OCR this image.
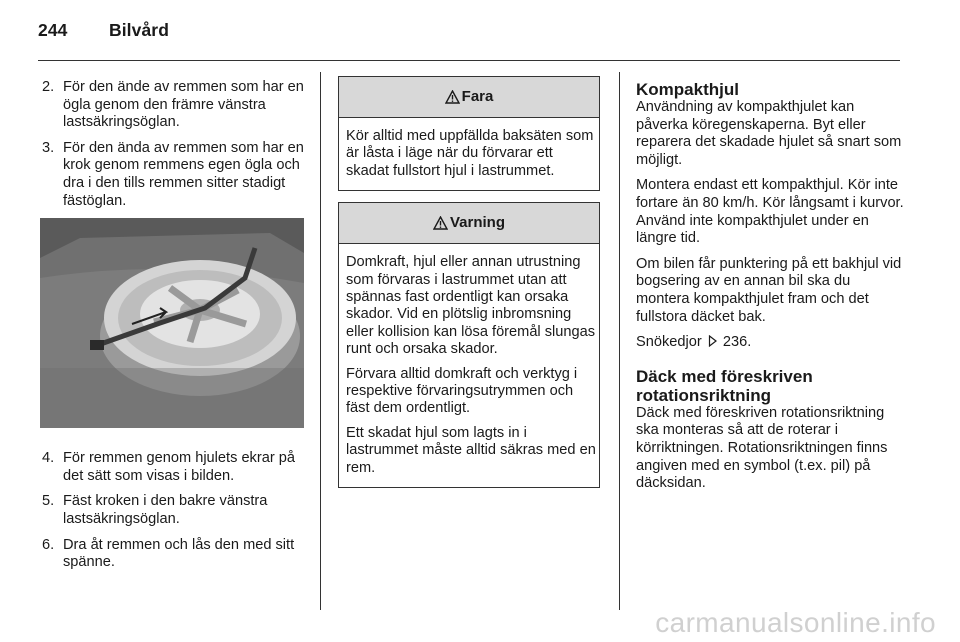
244 Bilvård
2. För den ände av remmen som har en ögla genom den främre vänstra lastsäkringsöglan.
3. För den ända av remmen som har en krok genom remmens egen ögla och dra i den tills remmen sitter stadigt fästöglan.
4. För remmen genom hjulets ekrar på det sätt som visas i bilden.
5. Fäst kroken i den bakre vänstra lastsäkringsöglan.
6. Dra åt remmen och lås den med sitt spänne.
Fara

Kör alltid med uppfällda baksäten som är låsta i läge när du förvarar ett skadat fullstort hjul i lastrummet.

Varning

Domkraft, hjul eller annan utrustning som förvaras i lastrummet utan att spännas fast ordentligt kan orsaka skador. Vid en plötslig inbromsning eller kollision kan lösa föremål slungas runt och orsaka skador.

Förvara alltid domkraft och verktyg i respektive förvaringsutrymmen och fäst dem ordentligt.

Ett skadat hjul som lagts in i lastrummet måste alltid säkras med en rem.

Kompakthjul

Användning av kompakthjulet kan påverka köregenskaperna. Byt eller reparera det skadade hjulet så snart som möjligt.

Montera endast ett kompakthjul. Kör inte fortare än 80 km/h. Kör långsamt i kurvor. Använd inte kompakthjulet under en längre tid.

Om bilen får punktering på ett bakhjul vid bogsering av en annan bil ska du montera kompakthjulet fram och det fullstora däcket bak.

Snökedjor 236.

Däck med föreskriven rotationsriktning

Däck med föreskriven rotationsriktning ska monteras så att de roterar i körriktningen. Rotationsriktningen finns angiven med en symbol (t.ex. pil) på däcksidan.

carmanualsonline.info
